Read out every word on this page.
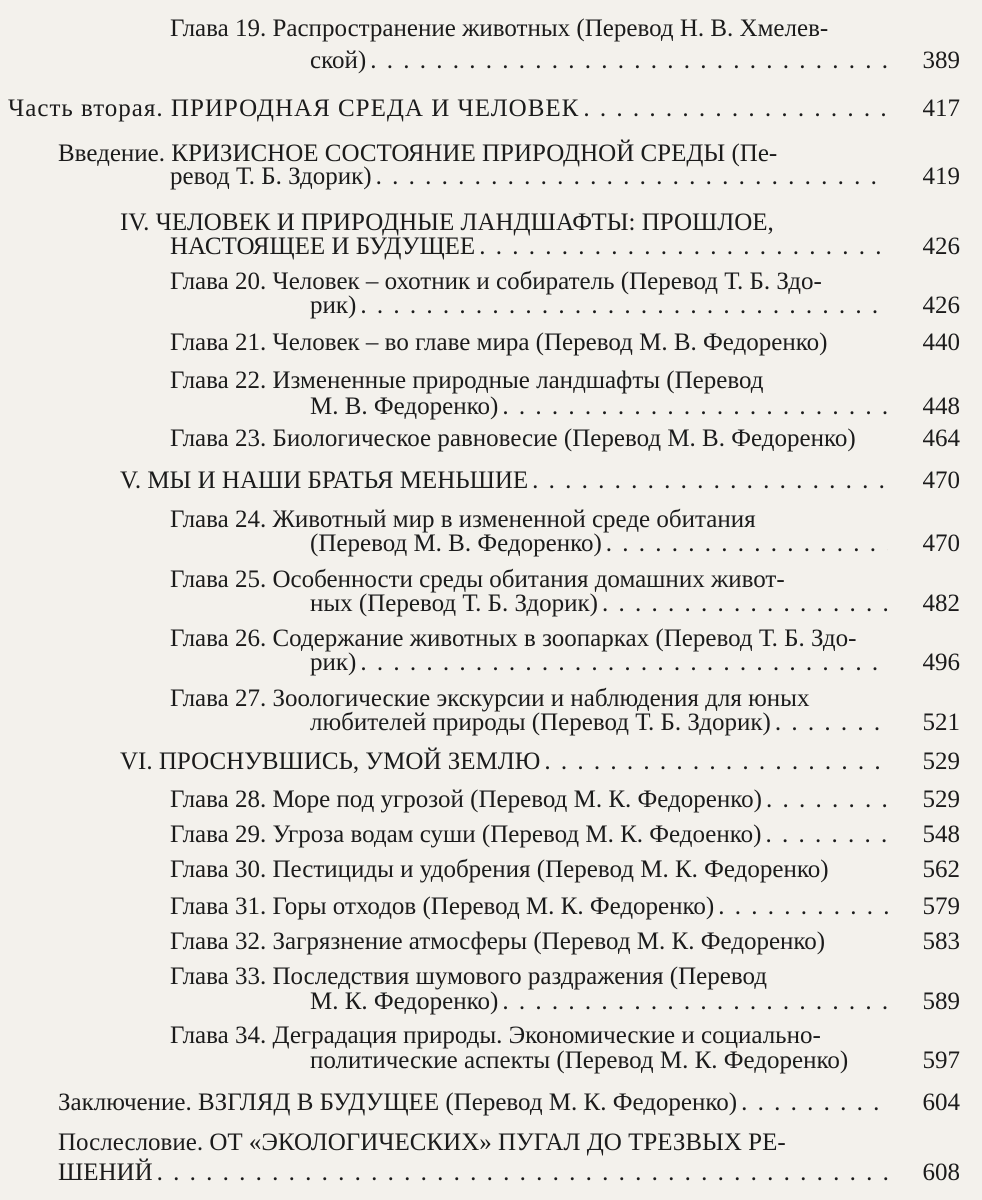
Глава 19. Распространение животных (Перевод Н. В. Хмелев-
ской) . . .	389
Часть вторая. ПРИРОДНАЯ СРЕДА И ЧЕЛОВЕК . . .	417
Введение. КРИЗИСНОЕ СОСТОЯНИЕ ПРИРОДНОЙ СРЕДЫ (Пе-
ревод Т. Б. Здорик) . . .	419
IV. ЧЕЛОВЕК И ПРИРОДНЫЕ ЛАНДШАФТЫ: ПРОШЛОЕ,
НАСТОЯЩЕЕ И БУДУЩЕЕ . . .	426
Глава 20. Человек – охотник и собиратель (Перевод Т. Б. Здо-
рик) . . .	426
Глава 21. Человек – во главе мира (Перевод М. В. Федоренко)	440
Глава 22. Измененные природные ландшафты (Перевод
М. В. Федоренко) . . .	448
Глава 23. Биологическое равновесие (Перевод М. В. Федоренко)	464
V. МЫ И НАШИ БРАТЬЯ МЕНЬШИЕ . . .	470
Глава 24. Животный мир в измененной среде обитания
(Перевод М. В. Федоренко) . . .	470
Глава 25. Особенности среды обитания домашних живот-
ных (Перевод Т. Б. Здорик) . . .	482
Глава 26. Содержание животных в зоопарках (Перевод Т. Б. Здо-
рик) . . .	496
Глава 27. Зоологические экскурсии и наблюдения для юных
любителей природы (Перевод Т. Б. Здорик) . . .	521
VI. ПРОСНУВШИСЬ, УМОЙ ЗЕМЛЮ . . .	529
Глава 28. Море под угрозой (Перевод М. К. Федоренко) . . .	529
Глава 29. Угроза водам суши (Перевод М. К. Федоенко) . . .	548
Глава 30. Пестициды и удобрения (Перевод М. К. Федоренко)	562
Глава 31. Горы отходов (Перевод М. К. Федоренко) . . .	579
Глава 32. Загрязнение атмосферы (Перевод М. К. Федоренко)	583
Глава 33. Последствия шумового раздражения (Перевод
М. К. Федоренко) . . .	589
Глава 34. Деградация природы. Экономические и социально-
политические аспекты (Перевод М. К. Федоренко)	597
Заключение. ВЗГЛЯД В БУДУЩЕЕ (Перевод М. К. Федоренко) . . .	604
Послесловие. ОТ «ЭКОЛОГИЧЕСКИХ» ПУГАЛ ДО ТРЕЗВЫХ РЕ-
ШЕНИЙ . . .	608
